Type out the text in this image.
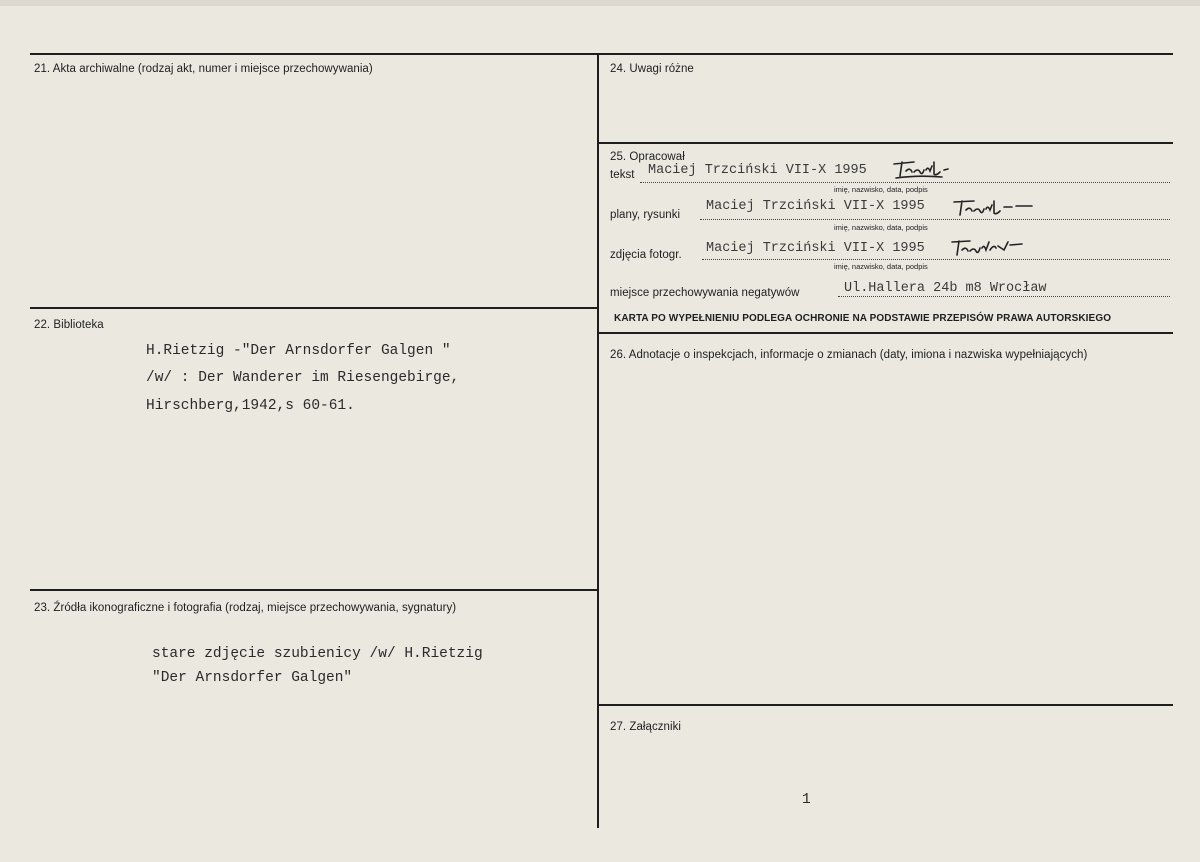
21. Akta archiwalne (rodzaj akt, numer i miejsce przechowywania)
22. Biblioteka
H.Rietzig -"Der Arnsdorfer Galgen "
/w/ : Der Wanderer im Riesengebirge,
Hirschberg,1942,s 60-61.
23. Źródła ikonograficzne i fotografia (rodzaj, miejsce przechowywania, sygnatury)
stare zdjęcie szubienicy /w/ H.Rietzig
"Der Arnsdorfer Galgen"
24. Uwagi różne
25. Opracował
tekst Maciej Trzciński VII-X 1995
imię, nazwisko, data, podpis
plany, rysunki
Maciej Trzciński VII-X 1995
imię, nazwisko, data, podpis
zdjęcia fotogr. Maciej Trzciński VII-X 1995
imię, nazwisko, data, podpis
miejsce przechowywania negatywów	Ul.Hallera 24b m8 Wrocław
KARTA PO WYPEŁNIENIU PODLEGA OCHRONIE NA PODSTAWIE PRZEPISÓW PRAWA AUTORSKIEGO
26. Adnotacje o inspekcjach, informacje o zmianach (daty, imiona i nazwiska wypełniających)
27. Załączniki
1
